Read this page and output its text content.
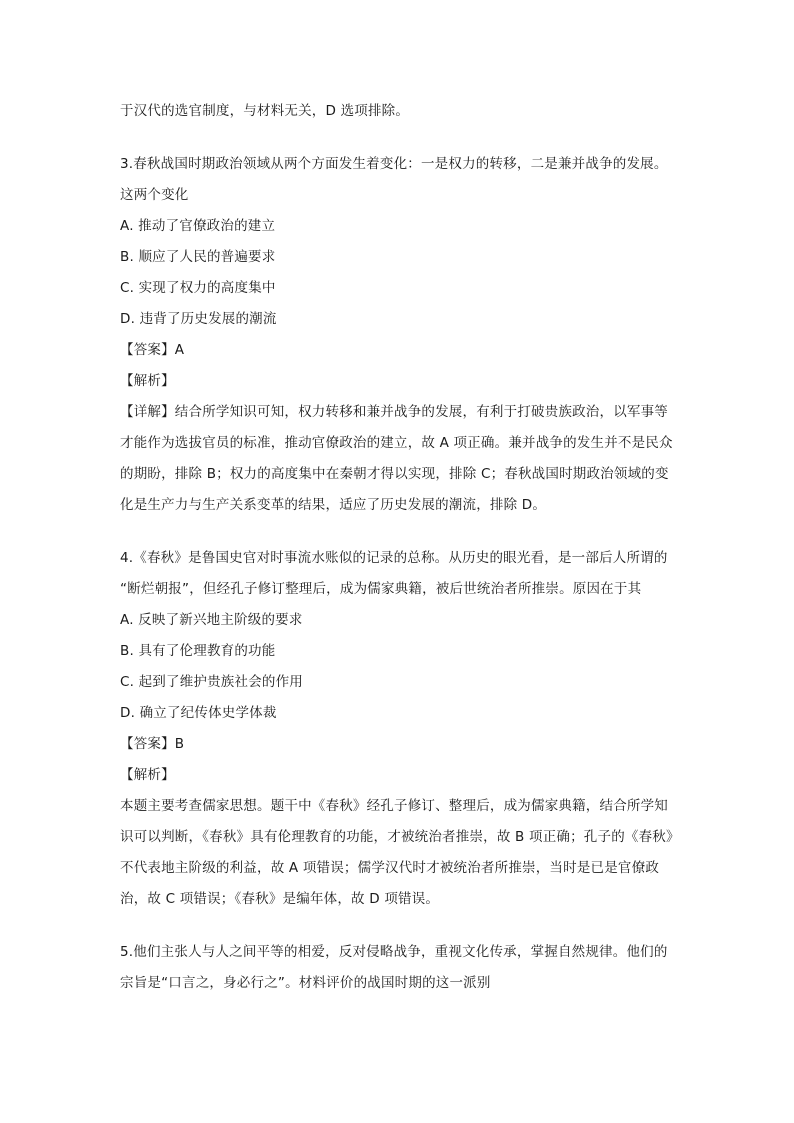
于汉代的选官制度，与材料无关，D 选项排除。
3.春秋战国时期政治领域从两个方面发生着变化：一是权力的转移，二是兼并战争的发展。
这两个变化
A. 推动了官僚政治的建立
B. 顺应了人民的普遍要求
C. 实现了权力的高度集中
D. 违背了历史发展的潮流
【答案】A
【解析】
【详解】结合所学知识可知，权力转移和兼并战争的发展，有利于打破贵族政治，以军事等
才能作为选拔官员的标准，推动官僚政治的建立，故 A 项正确。兼并战争的发生并不是民众
的期盼，排除 B；权力的高度集中在秦朝才得以实现，排除 C；春秋战国时期政治领域的变
化是生产力与生产关系变革的结果，适应了历史发展的潮流，排除 D。
4.《春秋》是鲁国史官对时事流水账似的记录的总称。从历史的眼光看，是一部后人所谓的
“断烂朝报”，但经孔子修订整理后，成为儒家典籍，被后世统治者所推崇。原因在于其
A. 反映了新兴地主阶级的要求
B. 具有了伦理教育的功能
C. 起到了维护贵族社会的作用
D. 确立了纪传体史学体裁
【答案】B
【解析】
本题主要考查儒家思想。题干中《春秋》经孔子修订、整理后，成为儒家典籍，结合所学知
识可以判断，《春秋》具有伦理教育的功能，才被统治者推崇，故 B 项正确；孔子的《春秋》
不代表地主阶级的利益，故 A 项错误；儒学汉代时才被统治者所推崇，当时是已是官僚政
治，故 C 项错误；《春秋》是编年体，故 D 项错误。
5.他们主张人与人之间平等的相爱，反对侵略战争，重视文化传承，掌握自然规律。他们的
宗旨是“口言之，身必行之”。材料评价的战国时期的这一派别
